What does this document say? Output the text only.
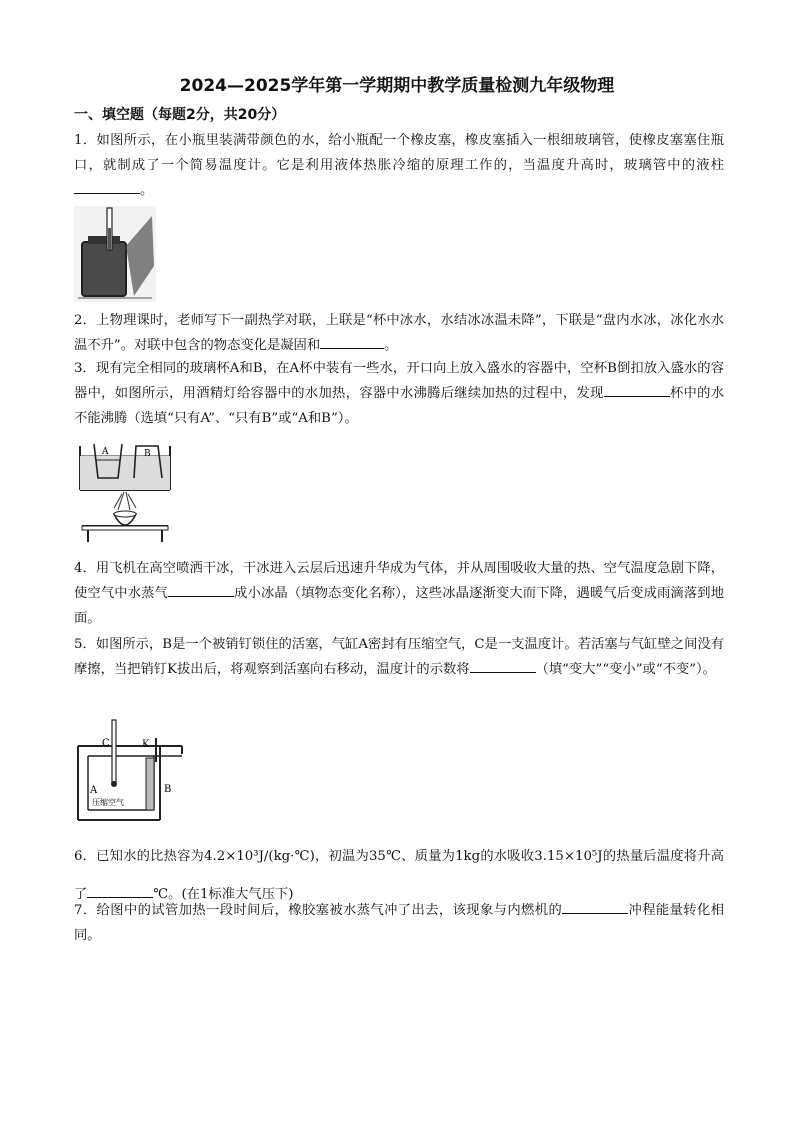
2024—2025学年第一学期期中教学质量检测九年级物理
一、填空题（每题2分，共20分）
1．如图所示，在小瓶里装满带颜色的水，给小瓶配一个橡皮塞，橡皮塞插入一根细玻璃管，使橡皮塞塞住瓶口，就制成了一个简易温度计。它是利用液体热胀冷缩的原理工作的，当温度升高时，玻璃管中的液柱。
2．上物理课时，老师写下一副热学对联，上联是“杯中冰水，水结冰冰温未降”，下联是“盘内水冰，冰化水水温不升”。对联中包含的物态变化是凝固和	。
3．现有完全相同的玻璃杯A和B，在A杯中装有一些水，开口向上放入盛水的容器中，空杯B倒扣放入盛水的容器中，如图所示，用酒精灯给容器中的水加热，容器中水沸腾后继续加热的过程中，发现	杯中的水不能沸腾（选填“只有A”、“只有B”或“A和B”）。
A	B
4．用飞机在高空喷洒干冰，干冰进入云层后迅速升华成为气体，并从周围吸收大量的热、空气温度急剧下降，使空气中水蒸气	成小冰晶（填物态变化名称），这些冰晶逐渐变大而下降，遇暖气后变成雨滴落到地面。
5．如图所示，B是一个被销钉锁住的活塞，气缸A密封有压缩空气，C是一支温度计。若活塞与气缸壁之间没有摩擦，当把销钉K拔出后，将观察到活塞向右移动，温度计的示数将	（填“变大”“变小”或“不变”）。
C	K
A	B
压缩空气
6．已知水的比热容为4.2×10³J/(kg·℃)，初温为35℃、质量为1kg的水吸收3.15×10⁵J的热量后温度将升高了	℃。(在1标准大气压下)
7．给图中的试管加热一段时间后，橡胶塞被水蒸气冲了出去，该现象与内燃机的	冲程能量转化相同。
